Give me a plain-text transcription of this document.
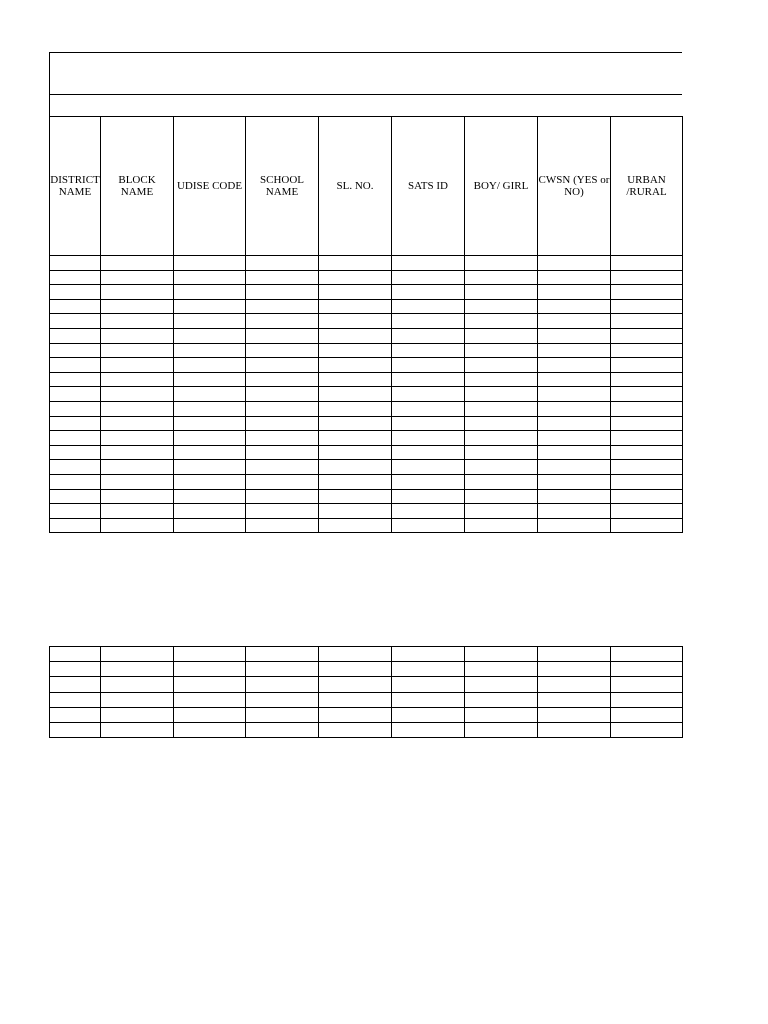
DISTRICT NAME	BLOCK NAME	UDISE CODE	SCHOOL NAME	SL. NO.	SATS ID	BOY/ GIRL	CWSN (YES or NO)	URBAN /RURAL
